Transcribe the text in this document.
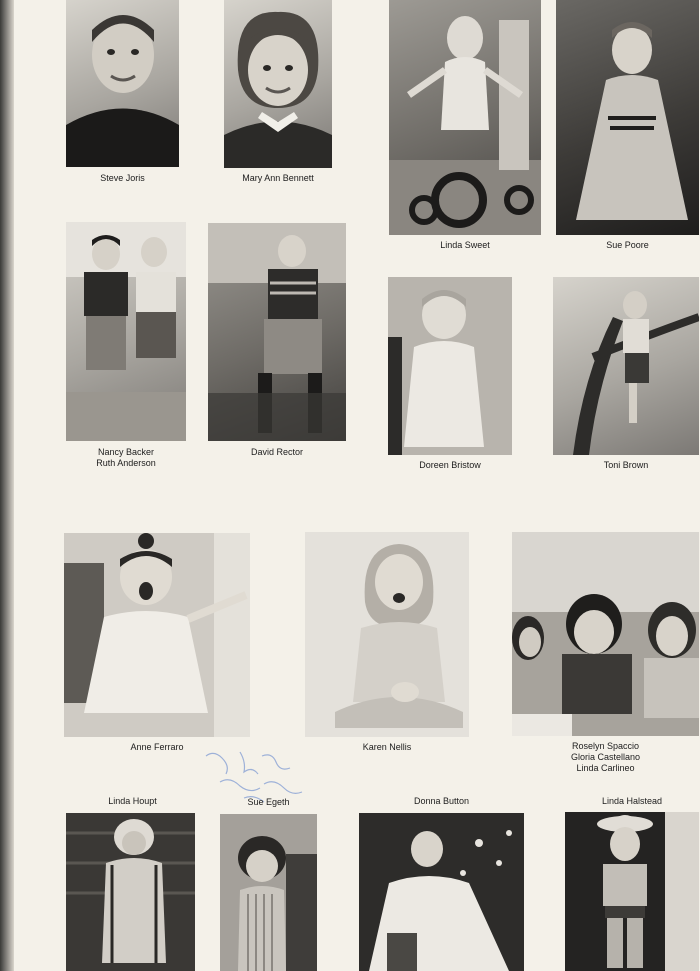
Steve Joris	Mary Ann Bennett
Linda Sweet	Sue Poore
Nancy Backer
Ruth Anderson
David Rector
Doreen Bristow	Toni Brown
Anne Ferraro	Karen Nellis	Roselyn Spaccio
Gloria Castellano
Linda Carlineo
Linda Houpt	Sue Egeth	Donna Button	Linda Halstead
